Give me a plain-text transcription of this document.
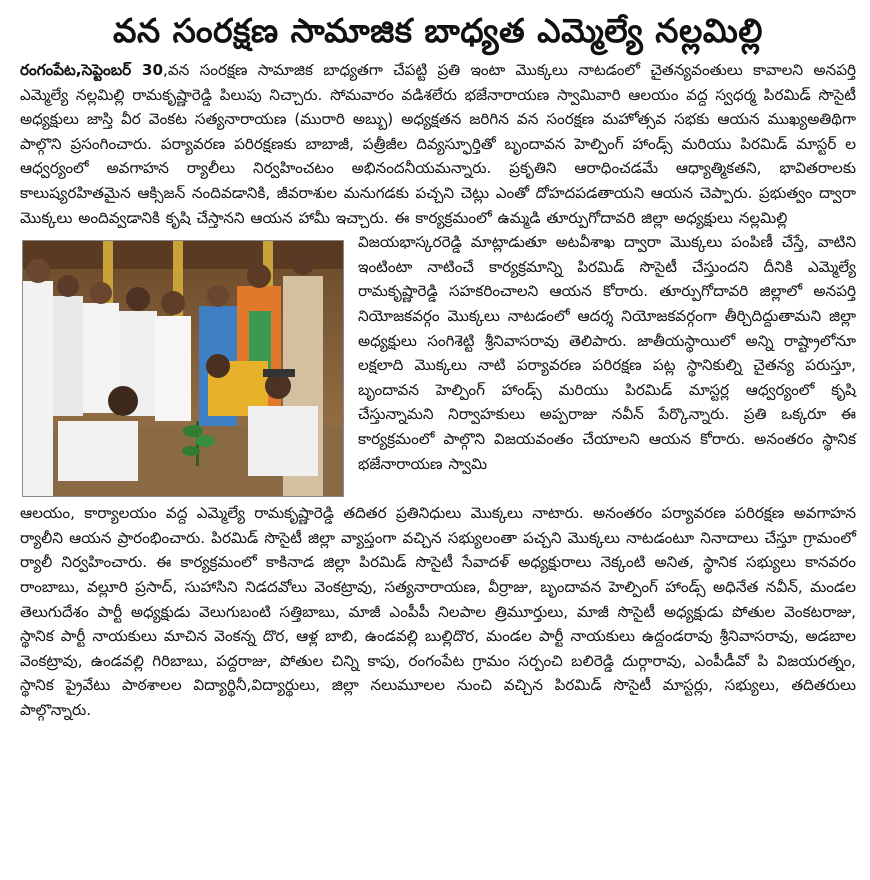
వన సంరక్షణ సామాజిక బాధ్యత ఎమ్మెల్యే నల్లమిల్లి

రంగంపేట,సెప్టెంబర్ 30,వన సంరక్షణ సామాజిక బాధ్యతగా చేపట్టి ప్రతి ఇంటా మొక్కలు నాటడంలో చైతన్యవంతులు కావాలని అనపర్తి ఎమ్మెల్యే నల్లమిల్లి రామకృష్ణారెడ్డి పిలుపు నిచ్చారు. సోమవారం వడిశలేరు భజేనారాయణ స్వామివారి ఆలయం వద్ద స్వధర్మ పిరమిడ్ సొసైటీ అధ్యక్షులు జాస్తి వీర వెంకట సత్యనారాయణ (మురారి అబ్బు) అధ్యక్షతన జరిగిన వన సంరక్షణ మహోత్సవ సభకు ఆయన ముఖ్యఅతిథిగా పాల్గొని ప్రసంగించారు. పర్యావరణ పరిరక్షణకు బాబాజీ, పత్రీజీల దివ్యస్ఫూర్తితో బృందావన హెల్పింగ్ హాండ్స్ మరియు పిరమిడ్ మాస్టర్ ల ఆధ్వర్యంలో అవగాహన ర్యాలీలు నిర్వహించటం అభినందనీయమన్నారు. ప్రకృతిని ఆరాధించడమే ఆధ్యాత్మికతని, భావితరాలకు కాలుష్యరహితమైన ఆక్సిజన్ నందివడానికి, జీవరాశుల మనుగడకు పచ్చని చెట్లు ఎంతో దోహదపడతాయని ఆయన చెప్పారు. ప్రభుత్వం ద్వారా మొక్కలు అందివ్వడానికి కృషి చేస్తానని ఆయన హామీ ఇచ్చారు. ఈ కార్యక్రమంలో ఉమ్మడి తూర్పుగోదావరి జిల్లా అధ్యక్షులు నల్లమిల్లి

విజయభాస్కరరెడ్డి మాట్లాడుతూ అటవీశాఖ ద్వారా మొక్కలు పంపిణీ చేస్తే, వాటిని ఇంటింటా నాటించే కార్యక్రమాన్ని పిరమిడ్ సొసైటీ చేస్తుందని దీనికి ఎమ్మెల్యే రామకృష్ణారెడ్డి సహకరించాలని ఆయన కోరారు. తూర్పుగోదావరి జిల్లాలో అనపర్తి నియోజకవర్గం మొక్కలు నాటడంలో ఆదర్శ నియోజకవర్గంగా తీర్చిదిద్దుతామని జిల్లా అధ్యక్షులు సంగిశెట్టి శ్రీనివాసరావు తెలిపారు. జాతీయస్థాయిలో అన్ని రాష్ట్రాలోనూ లక్షలాది మొక్కలు నాటి పర్యావరణ పరిరక్షణ పట్ల స్థానికుల్ని చైతన్య పరుస్తూ, బృందావన హెల్పింగ్ హాండ్స్ మరియు పిరమిడ్ మాస్టర్ల ఆధ్వర్యంలో కృషి చేస్తున్నామని నిర్వాహకులు అప్పరాజు నవీన్ పేర్కొన్నారు. ప్రతి ఒక్కరూ ఈ కార్యక్రమంలో పాల్గొని విజయవంతం చేయాలని ఆయన కోరారు. అనంతరం స్థానిక భజేనారాయణ స్వామి

ఆలయం, కార్యాలయం వద్ద ఎమ్మెల్యే రామకృష్ణారెడ్డి తదితర ప్రతినిధులు మొక్కలు నాటారు. అనంతరం పర్యావరణ పరిరక్షణ అవగాహన ర్యాలీని ఆయన ప్రారంభించారు. పిరమిడ్ సొసైటీ జిల్లా వ్యాప్తంగా వచ్చిన సభ్యులంతా పచ్చని మొక్కలు నాటడంటూ నినాదాలు చేస్తూ గ్రామంలో ర్యాలీ నిర్వహించారు. ఈ కార్యక్రమంలో కాకినాడ జిల్లా పిరమిడ్ సొసైటీ సేవాదళ్ అధ్యక్షురాలు నెక్కంటి అనిత, స్థానిక సభ్యులు కానవరం రాంబాబు, వల్లూరి ప్రసాద్, సుహాసిని నిడదవోలు వెంకట్రావు, సత్యనారాయణ, వీర్రాజు, బృందావన హెల్పింగ్ హాండ్స్ అధినేత నవీన్, మండల తెలుగుదేశం పార్టీ అధ్యక్షుడు వెలుగుబంటి సత్తిబాబు, మాజీ ఎంపీపీ నిలపాల త్రిమూర్తులు, మాజీ సొసైటీ అధ్యక్షుడు పోతుల వెంకటరాజు, స్థానిక పార్టీ నాయకులు మాచిన వెంకన్న దొర, ఆళ్ల బాబి, ఉండవల్లి బుల్లిదొర, మండల పార్టీ నాయకులు ఉద్దండరావు శ్రీనివాసరావు, అడబాల వెంకట్రావు, ఉండవల్లి గిరిబాబు, పద్దరాజు, పోతుల చిన్ని కాపు, రంగంపేట గ్రామం సర్పంచి బలిరెడ్డి దుర్గారావు, ఎంపీడీవో పి విజయరత్నం, స్థానిక ప్రైవేటు పాఠశాలల విద్యార్థినీ,విద్యార్థులు, జిల్లా నలుమూలల నుంచి వచ్చిన పిరమిడ్ సొసైటీ మాస్టర్లు, సభ్యులు, తదితరులు పాల్గొన్నారు.
